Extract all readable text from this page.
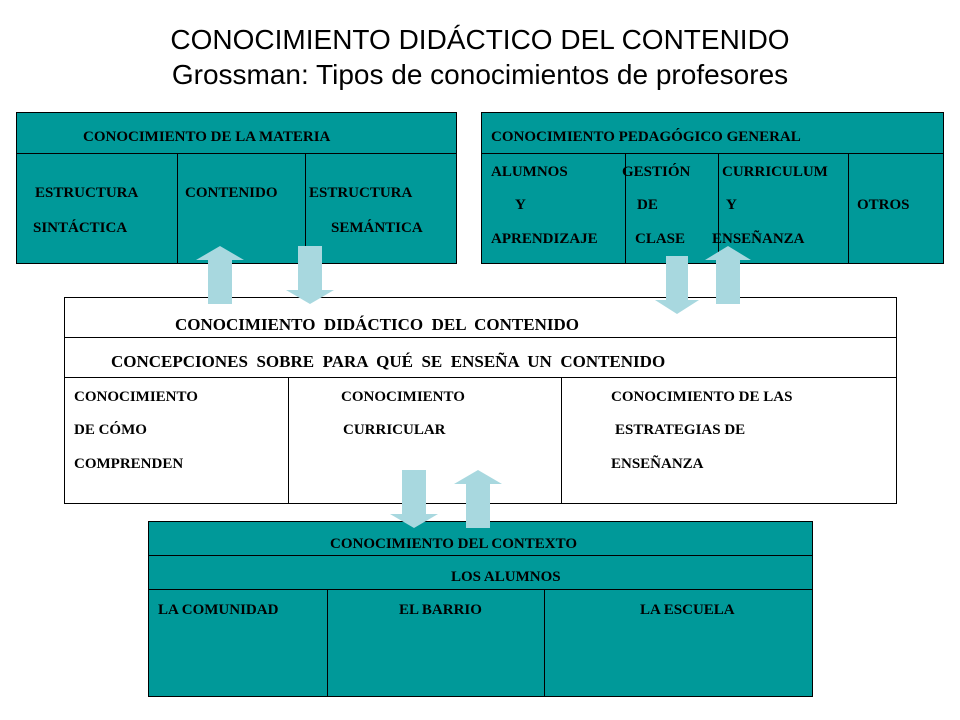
CONOCIMIENTO DIDÁCTICO DEL CONTENIDO
Grossman: Tipos de conocimientos de profesores
CONOCIMIENTO DE LA MATERIA
ESTRUCTURA
SINTÁCTICA
CONTENIDO ESTRUCTURA
SEMÁNTICA
CONOCIMIENTO PEDAGÓGICO GENERAL
ALUMNOS
Y
APRENDIZAJE
GESTIÓN
DE
CLASE
CURRICULUM
Y
ENSEÑANZA
OTROS
CONOCIMIENTO  DIDÁCTICO  DEL  CONTENIDO
CONCEPCIONES  SOBRE  PARA  QUÉ  SE  ENSEÑA  UN  CONTENIDO
CONOCIMIENTO
DE CÓMO
COMPRENDEN
CONOCIMIENTO
CURRICULAR
CONOCIMIENTO DE LAS
ESTRATEGIAS DE
ENSEÑANZA
CONOCIMIENTO DEL CONTEXTO
LOS ALUMNOS
LA COMUNIDAD	EL BARRIO	LA ESCUELA
